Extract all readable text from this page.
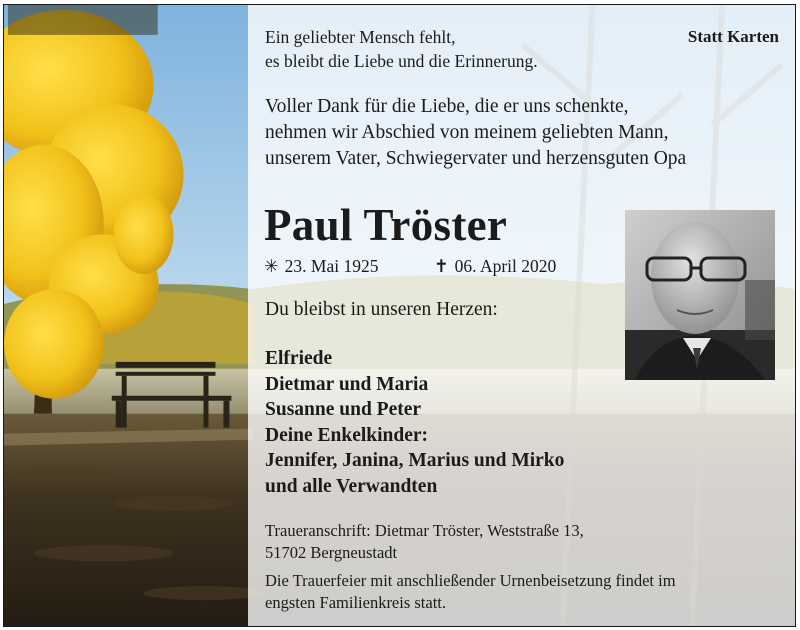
Ein geliebter Mensch fehlt,
es bleibt die Liebe und die Erinnerung.
Statt Karten
Voller Dank für die Liebe, die er uns schenkte,
nehmen wir Abschied von meinem geliebten Mann,
unserem Vater, Schwiegervater und herzensguten Opa
Paul Tröster
✳ 23. Mai 1925	✝ 06. April 2020
Du bleibst in unseren Herzen:
Elfriede
Dietmar und Maria
Susanne und Peter
Deine Enkelkinder:
Jennifer, Janina, Marius und Mirko
und alle Verwandten
Traueranschrift: Dietmar Tröster, Weststraße 13,
51702 Bergneustadt
Die Trauerfeier mit anschließender Urnenbeisetzung findet im
engsten Familienkreis statt.
